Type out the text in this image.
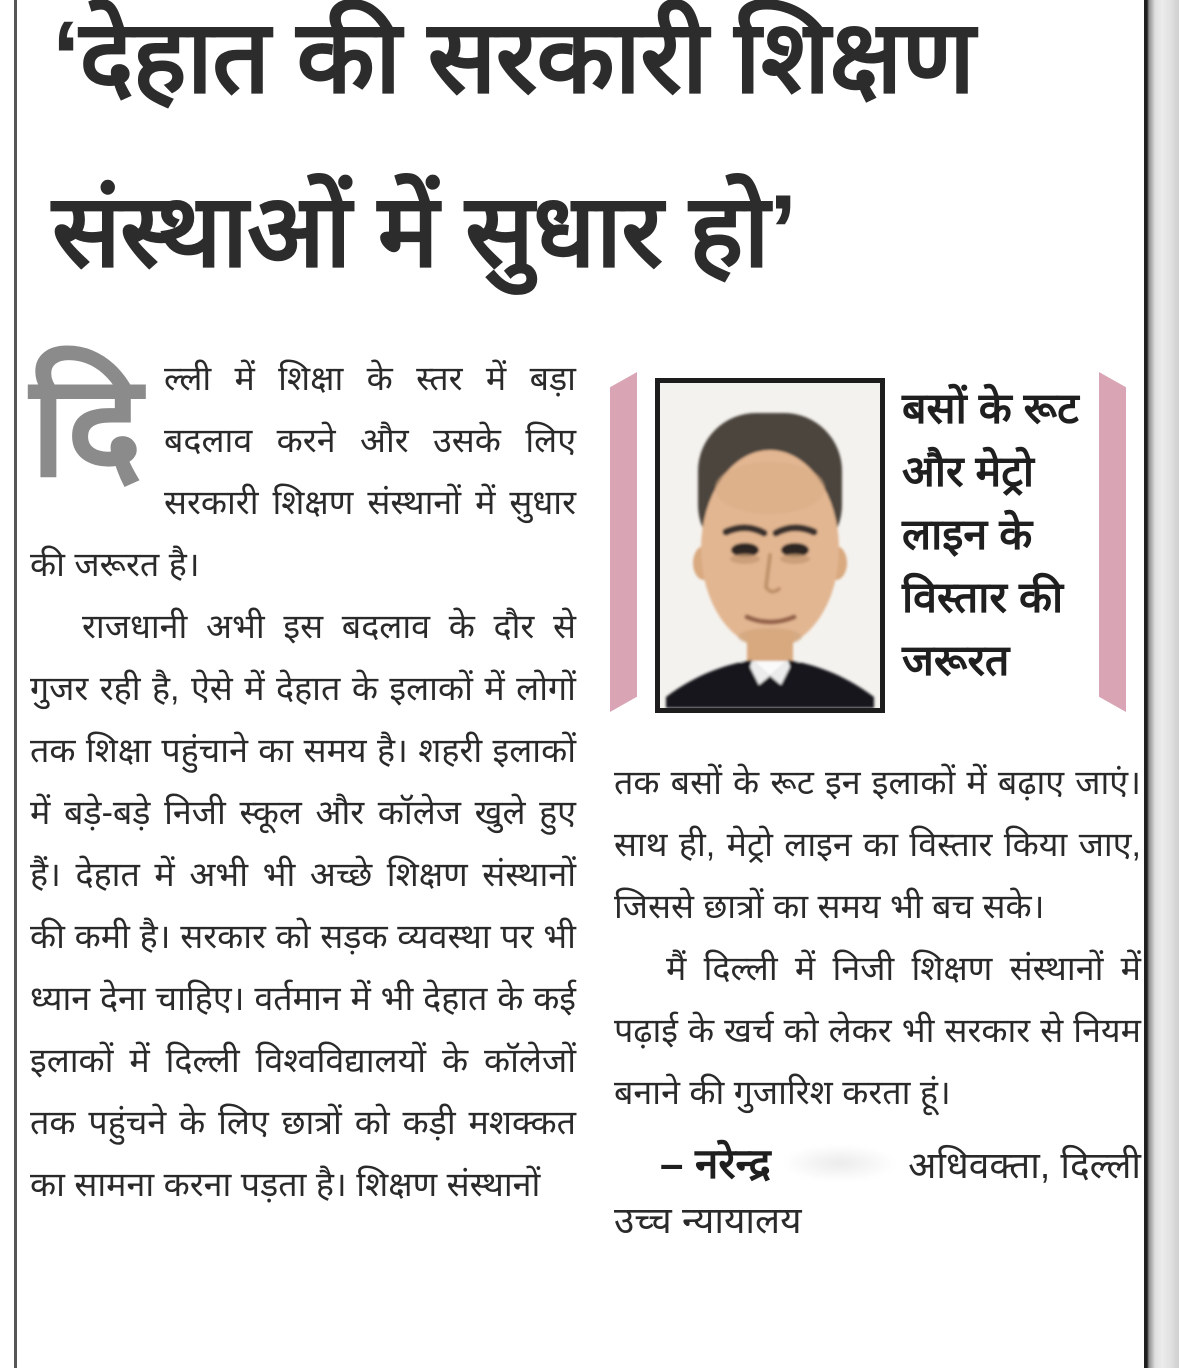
‘देहात की सरकारी शिक्षण
संस्थाओं में सुधार हो’

दिल्ली में शिक्षा के स्तर में बड़ा बदलाव करने और उसके लिए सरकारी शिक्षण संस्थानों में सुधार की जरूरत है।

राजधानी अभी इस बदलाव के दौर से गुजर रही है, ऐसे में देहात के इलाकों में लोगों तक शिक्षा पहुंचाने का समय है। शहरी इलाकों में बड़े-बड़े निजी स्कूल और कॉलेज खुले हुए हैं। देहात में अभी भी अच्छे शिक्षण संस्थानों की कमी है। सरकार को सड़क व्यवस्था पर भी ध्यान देना चाहिए। वर्तमान में भी देहात के कई इलाकों में दिल्ली विश्वविद्यालयों के कॉलेजों तक पहुंचने के लिए छात्रों को कड़ी मशक्कत का सामना करना पड़ता है। शिक्षण संस्थानों

बसों के रूट और मेट्रो लाइन के विस्तार की जरूरत

तक बसों के रूट इन इलाकों में बढ़ाए जाएं। साथ ही, मेट्रो लाइन का विस्तार किया जाए, जिससे छात्रों का समय भी बच सके।

मैं दिल्ली में निजी शिक्षण संस्थानों में पढ़ाई के खर्च को लेकर भी सरकार से नियम बनाने की गुजारिश करता हूं।

– नरेन्द्र	अधिवक्ता, दिल्ली
उच्च न्यायालय
